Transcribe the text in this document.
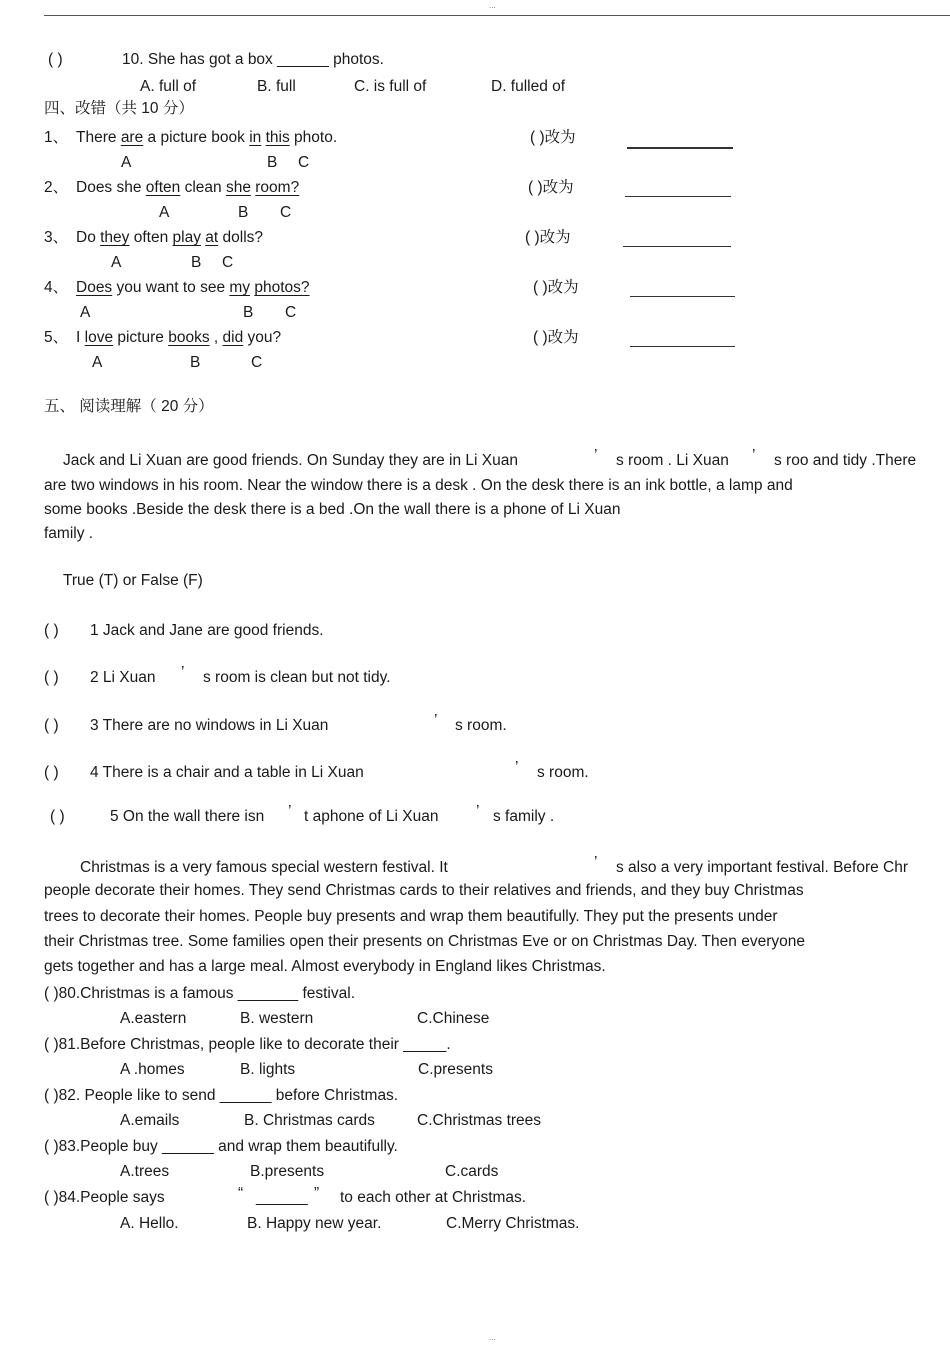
...
( )	10. She has got a box ______ photos.
A. full of	B. full	C. is full of	D. fulled of
四、改错（共 10 分）
1、 There are a picture book in this photo.
A	B C
( )改为
2、 Does she often clean she room?
A	B C
( )改为
3、 Do they often play at dolls?
A	B C
( )改为
4、 Does you want to see my photos?
A	B C
( )改为
5、 I love picture books , did you?
A	B	C
( )改为
五、 阅读理解（ 20 分）
Jack and Li Xuan are good friends. On Sunday they are in Li Xuan	’ s room . Li Xuan ’ s roo and tidy .There
are two windows in his room. Near the window there is a desk . On the desk there is an ink bottle, a lamp and
some books .Beside the desk there is a bed .On the wall there is a phone of Li Xuan
family .
True (T) or False (F)
( ) 1 Jack and Jane are good friends.
( ) 2 Li Xuan ’ s room is clean but not tidy.
( ) 3 There are no windows in Li Xuan	’ s room.
( ) 4 There is a chair and a table in Li Xuan	’ s room.
( )	5 On the wall there isn ’ t aphone of Li Xuan ’ s family .
Christmas is a very famous special western festival. It	’ s also a very important festival. Before Chr
people decorate their homes. They send Christmas cards to their relatives and friends, and they buy Christmas
trees to decorate their homes. People buy presents and wrap them beautifully. They put the presents under
their Christmas tree. Some families open their presents on Christmas Eve or on Christmas Day. Then everyone
gets together and has a large meal. Almost everybody in England likes Christmas.
( )80.Christmas is a famous _______ festival.
A.eastern	B. western	C.Chinese
( )81.Before Christmas, people like to decorate their _____.
A .homes	B. lights	C.presents
( )82. People like to send ______ before Christmas.
A.emails	B. Christmas cards	C.Christmas trees
( )83.People buy ______ and wrap them beautifully.
A.trees	B.presents	C.cards
( )84.People says	“ ______ ” to each other at Christmas.
A. Hello.	B. Happy new year.	C.Merry Christmas.
...
